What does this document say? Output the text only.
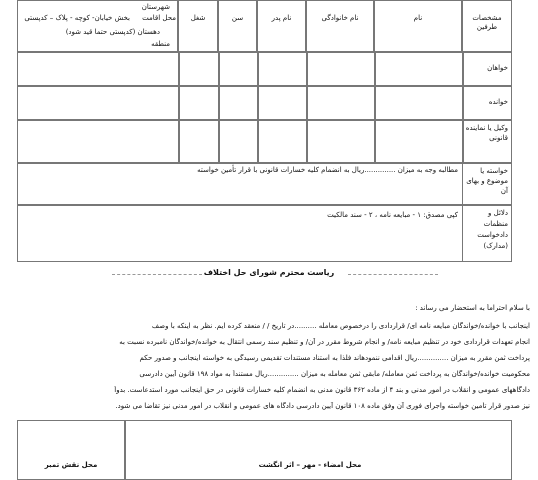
مشخصات طرفین
نام
نام خانوادگی
نام پدر
سن
شغل
شهرستان
محل اقامت
بخش خیابان- کوچه - پلاک – کدپستی
دهستان (کدپستی حتما قید شود)
منطقه
خواهان
خوانده
وکیل یا نماینده قانونی
خواسته یا موضوع و بهای آن
مطالبه وجه به میزان ..............ریال به انضمام کلیه خسارات قانونی با قرار تأمین خواسته
دلائل و منظمات دادخواست (مدارک)
کپی مصدق: ۱ - مبایعه نامه ، ۲ - سند مالکیت
ریاست محترم شورای حل اختلاف
با سلام احتراماً به استحضار می رساند :
اینجانب با خوانده/خواندگان مبایعه نامه ای/ قراردادی را درخصوص معامله ..........در تاریخ / / منعقد کرده ایم. نظر به اینکه با وصف
انجام تعهدات قراردادی خود در تنظیم مبایعه نامه/ و انجام شروط مقرر در آن/ و تنظیم سند رسمی انتقال به خوانده/خواندگان نامبرده نسبت به
پرداخت ثمن مقرر به میزان ..............ریال اقدامی ننمودهاند فلذا به استناد مستندات تقدیمی رسیدگی به خواسته اینجانب و صدور حکم
محکومیت خوانده/خواندگان به پرداخت ثمن معامله/ مابقی ثمن معامله به میزان ..............ریال مستنداً به مواد ۱۹۸ قانون آیین دادرسی
دادگاههای عمومی و انقلاب در امور مدنی و بند ۴ از ماده ۳۶۲ قانون مدنی به انضمام کلیه خسارات قانونی در حق اینجانب مورد استدعاست. بدواً
نیز صدور قرار تأمین خواسته واجرای فوری آن وفق ماده ۱۰۸ قانون آیین دادرسی دادگاه های عمومی و انقلاب در امور مدنی نیز تقاضا می شود.
محل نقش تمبر	محل امضاء - مهر – اثر انگشت
